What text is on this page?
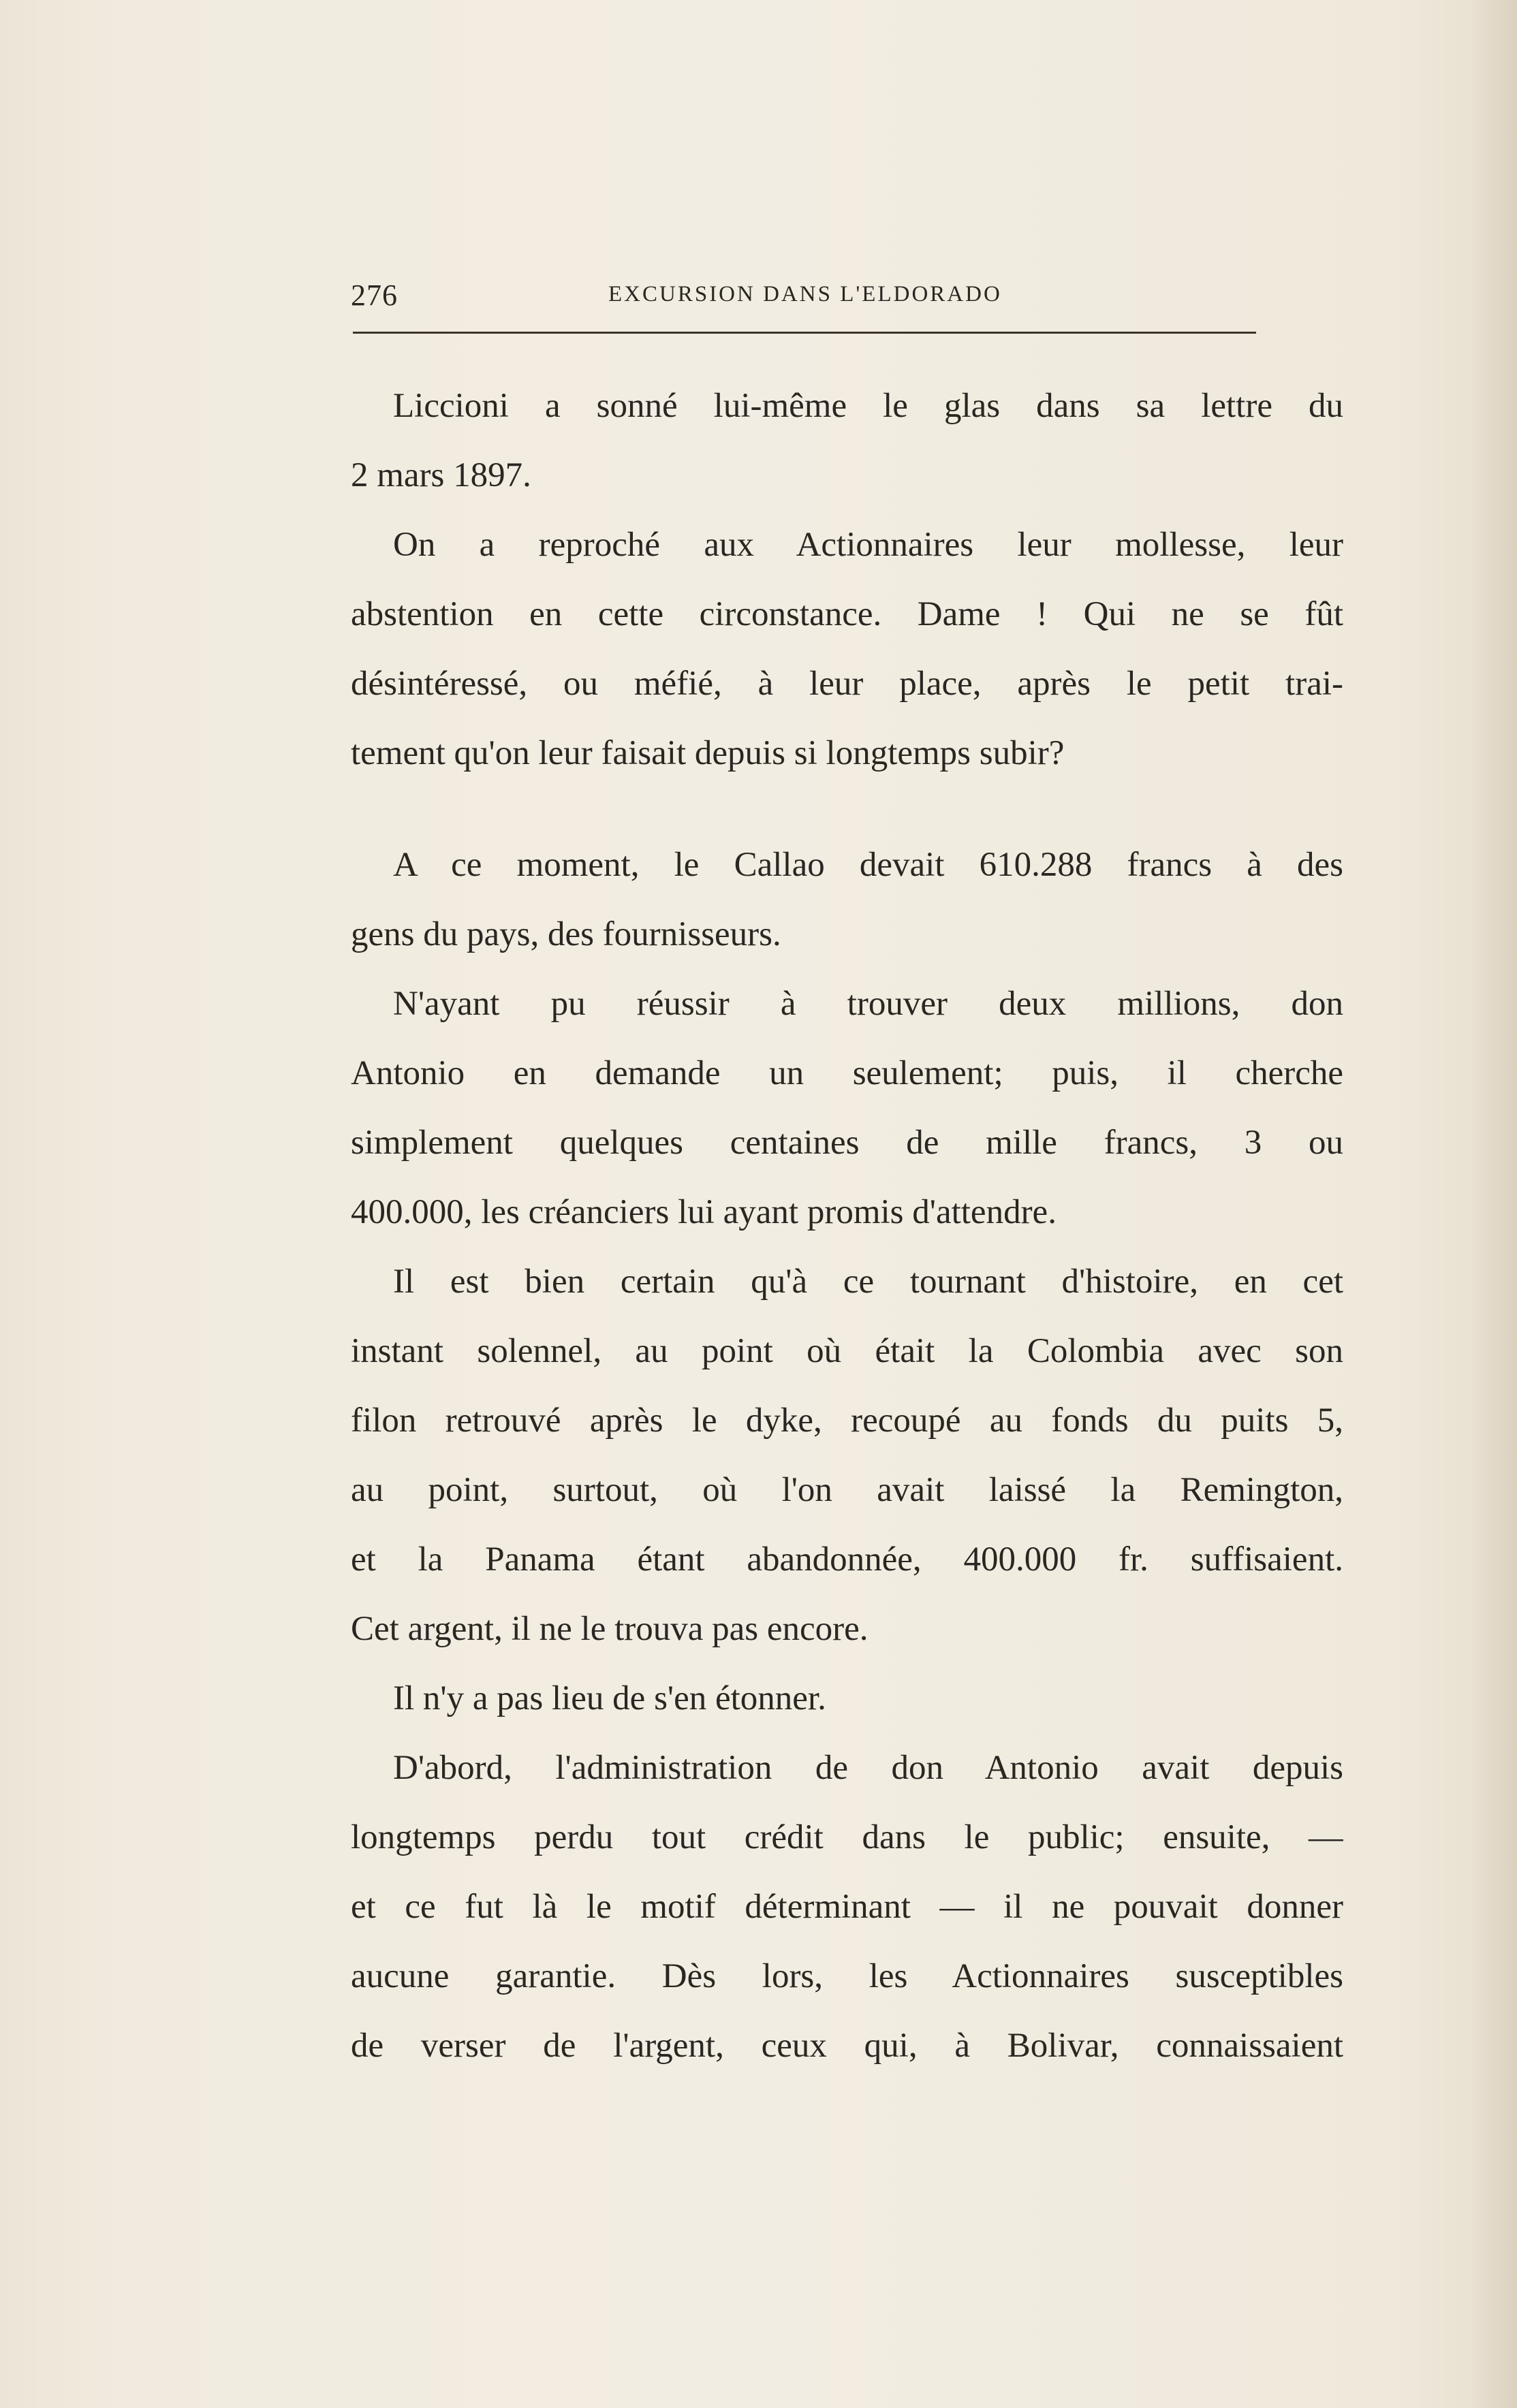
276	EXCURSION DANS L'ELDORADO
Liccioni a sonné lui-même le glas dans sa lettre du
2 mars 1897.
On a reproché aux Actionnaires leur mollesse, leur
abstention en cette circonstance. Dame ! Qui ne se fût
désintéressé, ou méfié, à leur place, après le petit trai-
tement qu'on leur faisait depuis si longtemps subir?
A ce moment, le Callao devait 610.288 francs à des
gens du pays, des fournisseurs.
N'ayant pu réussir à trouver deux millions, don
Antonio en demande un seulement; puis, il cherche
simplement quelques centaines de mille francs, 3 ou
400.000, les créanciers lui ayant promis d'attendre.
Il est bien certain qu'à ce tournant d'histoire, en cet
instant solennel, au point où était la Colombia avec son
filon retrouvé après le dyke, recoupé au fonds du puits 5,
au point, surtout, où l'on avait laissé la Remington,
et la Panama étant abandonnée, 400.000 fr. suffisaient.
Cet argent, il ne le trouva pas encore.
Il n'y a pas lieu de s'en étonner.
D'abord, l'administration de don Antonio avait depuis
longtemps perdu tout crédit dans le public; ensuite, —
et ce fut là le motif déterminant — il ne pouvait donner
aucune garantie. Dès lors, les Actionnaires susceptibles
de verser de l'argent, ceux qui, à Bolivar, connaissaient
